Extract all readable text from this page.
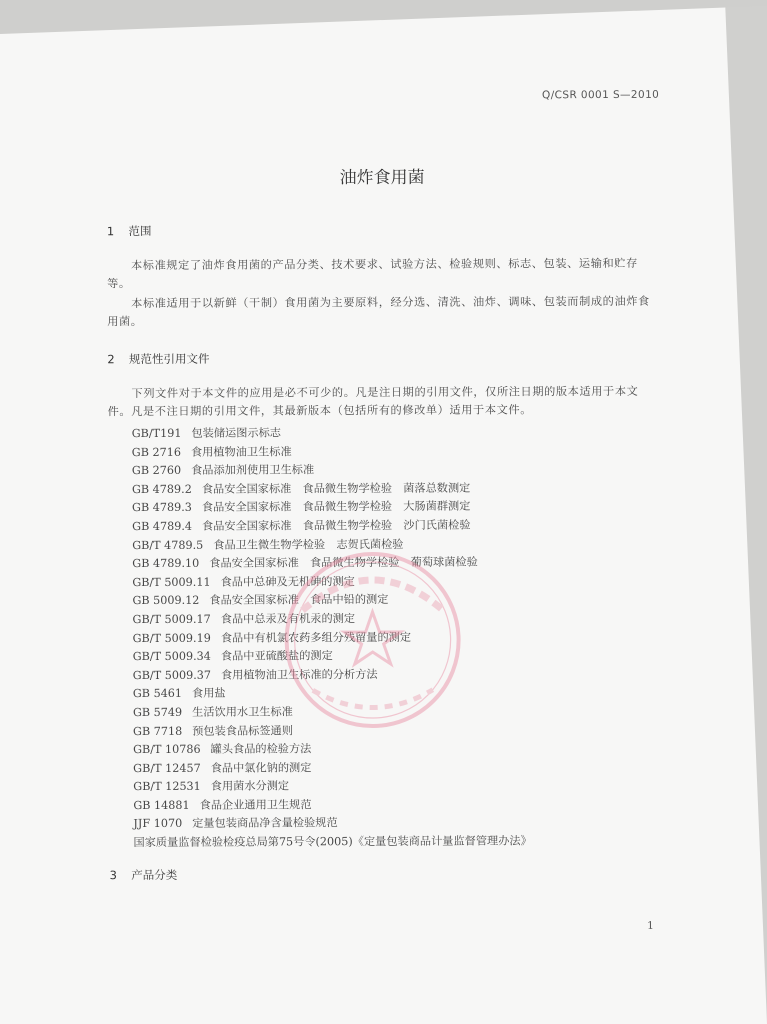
Q/CSR 0001 S—2010
油炸食用菌
1 范围

本标准规定了油炸食用菌的产品分类、技术要求、试验方法、检验规则、标志、包装、运输和贮存等。

本标准适用于以新鲜（干制）食用菌为主要原料，经分选、清洗、油炸、调味、包装而制成的油炸食用菌。

2 规范性引用文件

下列文件对于本文件的应用是必不可少的。凡是注日期的引用文件，仅所注日期的版本适用于本文件。凡是不注日期的引用文件，其最新版本（包括所有的修改单）适用于本文件。

GB/T191 包装储运图示标志
GB 2716 食用植物油卫生标准
GB 2760 食品添加剂使用卫生标准
GB 4789.2 食品安全国家标准　食品微生物学检验　菌落总数测定
GB 4789.3 食品安全国家标准　食品微生物学检验　大肠菌群测定
GB 4789.4 食品安全国家标准　食品微生物学检验　沙门氏菌检验
GB/T 4789.5 食品卫生微生物学检验　志贺氏菌检验
GB 4789.10 食品安全国家标准　食品微生物学检验　葡萄球菌检验
GB/T 5009.11 食品中总砷及无机砷的测定
GB 5009.12 食品安全国家标准　食品中铅的测定
GB/T 5009.17 食品中总汞及有机汞的测定
GB/T 5009.19 食品中有机氯农药多组分残留量的测定
GB/T 5009.34 食品中亚硫酸盐的测定
GB/T 5009.37 食用植物油卫生标准的分析方法
GB 5461 食用盐
GB 5749 生活饮用水卫生标准
GB 7718 预包装食品标签通则
GB/T 10786 罐头食品的检验方法
GB/T 12457 食品中氯化钠的测定
GB/T 12531 食用菌水分测定
GB 14881 食品企业通用卫生规范
JJF 1070 定量包装商品净含量检验规范
国家质量监督检验检疫总局第75号令(2005)《定量包装商品计量监督管理办法》
3 产品分类
1
